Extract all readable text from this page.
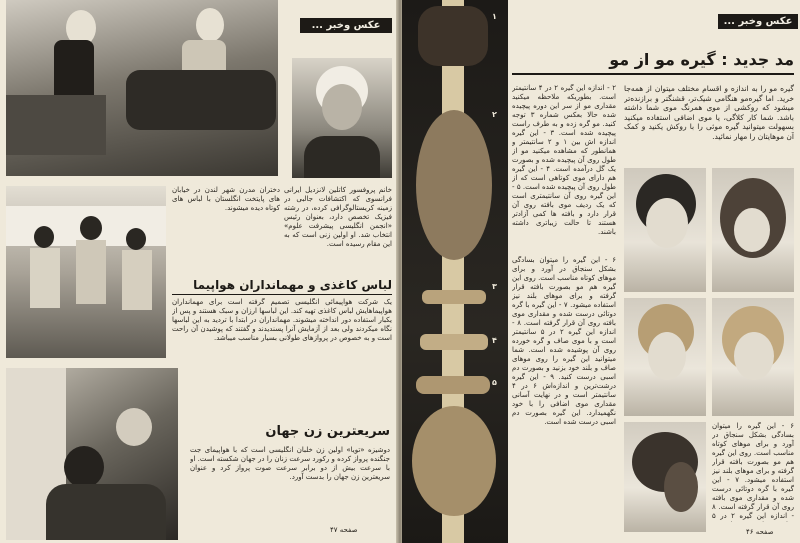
عکس وخبر ...
دختران مدرن شهر لندن در خیابان های پایتخت انگلستان با لباس های کوتاه دیده میشوند.
خانم پروفسور کاتلین لانزدیل ایرانی فرانسوی که اکتشافات جالبی در زمینه کریستالوگرافی کرده، در رشته فیزیک تخصص دارد، بعنوان رئیس «انجمن انگلیسی پیشرفت علوم» انتخاب شد. او اولین زنی است که به این مقام رسیده است.
لباس کاغذی و مهمانداران هواپیما
یک شرکت هواپیمائی انگلیسی تصمیم گرفته است برای مهمانداران هواپیماهایش لباس کاغذی تهیه کند. این لباسها ارزان و سبک هستند و پس از یکبار استفاده دور انداخته میشوند. مهمانداران در ابتدا با تردید به این لباسها نگاه میکردند ولی بعد از آزمایش آنرا پسندیدند و گفتند که پوشیدن آن راحت است و به خصوص در پروازهای طولانی بسیار مناسب میباشد.
سریعترین زن جهان
دوشیزه «تویا» اولین زن خلبان انگلیسی است که با هواپیمای جت جنگنده پرواز کرده و رکورد سرعت زنان را در جهان شکسته است. او با سرعت بیش از دو برابر سرعت صوت پرواز کرد و عنوان سریعترین زن جهان را بدست آورد.
صفحه ۴۷
۱
۲
۳
۴
۵
عکس وخبر ...
مد جدید : گیره مو از مو
گیره مو را به اندازه و اقسام مختلف میتوان از همه‌جا خرید. اما گیره‌مو هنگامی شیک‌تر، قشنگتر و برازنده‌تر میشود که روکشی از موی همرنگ موی شما داشته باشد. شما کار کلاگی، یا موی اضافی استفاده میکنید بسهولت میتوانید گیره موئی را با روکش یکنید و کمک آن موهایتان را مهار نمائید.
۲ - اندازه این گیره ۲ در ۴ سانتیمتر است. بطوریکه ملاحظه میکنید مقداری مو از سر این دوره پیچیده شده حالا بعکس شماره ۳ توجه کنید. مو گره زده و به طرف راست پیچیده شده است. ۳ - این گیره اندازه اش بین ۱ و ۲ سانتیمتر و همانطور که مشاهده میکنید مو از طول روی آن پیچیده شده و بصورت یک گل درآمده است. ۴ - این گیره هم دارای موی کوتاهی است که از طول روی آن پیچیده شده است. ۵ - این گیره روی آن سانتیمتری است که یک ردیف موی بافته روی آن قرار دارد و بافته ها کمی آزادتر هستند تا حالت زیباتری داشته باشند.
۶ - این گیره را میتوان بسادگی بشکل سنجاق در آورد و برای موهای کوتاه مناسب است. روی این گیره هم مو بصورت بافته قرار گرفته و برای موهای بلند نیز استفاده میشود. ۷ - این گیره با گره دوتائی درست شده و مقداری موی بافته روی آن قرار گرفته است. ۸ - اندازه این گیره ۲ در ۵ سانتیمتر است و با موی صاف و گره خورده روی آن پوشیده شده است. شما میتوانید این گیره را روی موهای صاف و بلند خود بزنید و بصورت دم اسبی درست کنید. ۹ - این گیره درشت‌ترین و اندازه‌اش ۶ در ۴ سانتیمتر است و در نهایت آسانی مقداری موی اضافی را با خود نگهمیدارد. این گیره بصورت دم اسبی درست شده است.	۶ - این گیره را میتوان بسادگی بشکل سنجاق در آورد و برای موهای کوتاه مناسب است. روی این گیره هم مو بصورت بافته قرار گرفته و برای موهای بلند نیز استفاده میشود. ۷ - این گیره با گره دوتائی درست شده و مقداری موی بافته روی آن قرار گرفته است. ۸ - اندازه این گیره ۲ در ۵
صفحه ۴۶
